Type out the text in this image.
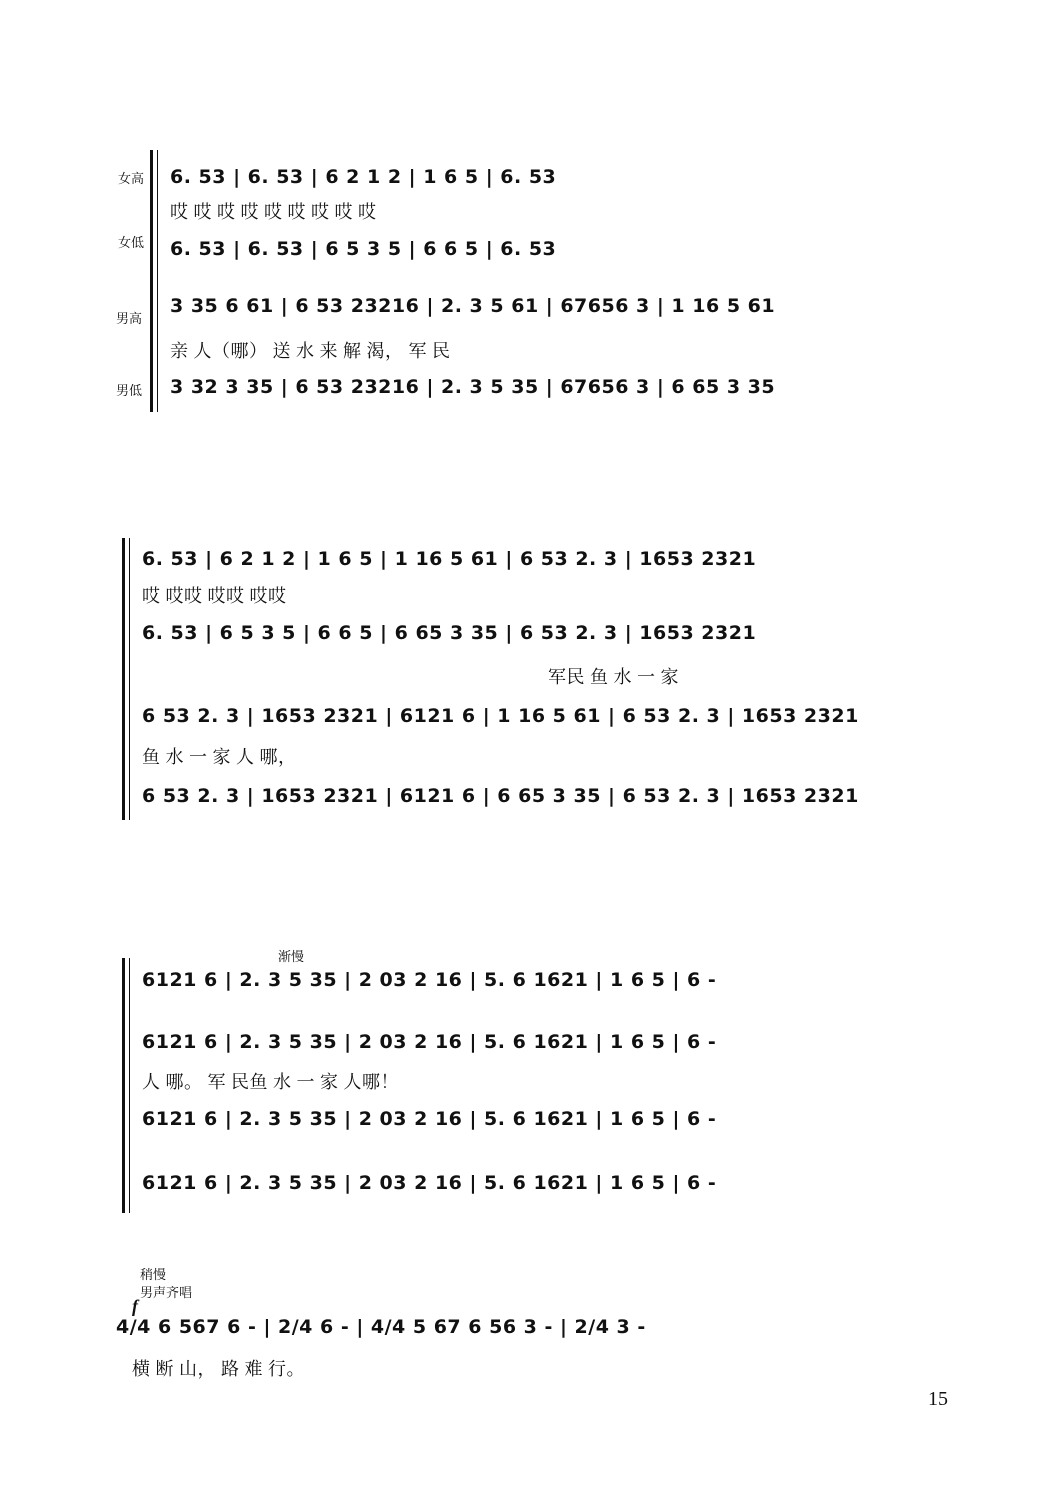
女高
女低
男高
男低
6. 53 | 6. 53 | 6 2 1 2 | 1 6 5 | 6. 53
哎 哎 哎 哎 哎 哎 哎 哎 哎
6. 53 | 6. 53 | 6 5 3 5 | 6 6 5 | 6. 53
3 35 6 61 | 6 53 23216 | 2. 3 5 61 | 67656 3 | 1 16 5 61
亲 人（哪） 送 水 来 解 渴， 军 民
3 32 3 35 | 6 53 23216 | 2. 3 5 35 | 67656 3 | 6 65 3 35
6. 53 | 6 2 1 2 | 1 6 5 | 1 16 5 61 | 6 53 2. 3 | 1653 2321
哎 哎哎 哎哎 哎哎
6. 53 | 6 5 3 5 | 6 6 5 | 6 65 3 35 | 6 53 2. 3 | 1653 2321
军民 鱼 水 一 家
6 53 2. 3 | 1653 2321 | 6121 6 | 1 16 5 61 | 6 53 2. 3 | 1653 2321
鱼 水 一 家 人 哪，
6 53 2. 3 | 1653 2321 | 6121 6 | 6 65 3 35 | 6 53 2. 3 | 1653 2321
渐慢
6121 6 | 2. 3 5 35 | 2 03 2 16 | 5. 6 1621 | 1 6 5 | 6 -
6121 6 | 2. 3 5 35 | 2 03 2 16 | 5. 6 1621 | 1 6 5 | 6 -
人 哪。 军 民鱼 水 一 家 人哪！
6121 6 | 2. 3 5 35 | 2 03 2 16 | 5. 6 1621 | 1 6 5 | 6 -
6121 6 | 2. 3 5 35 | 2 03 2 16 | 5. 6 1621 | 1 6 5 | 6 -
稍慢
男声齐唱
f
4/4 6 567 6 - | 2/4 6 - | 4/4 5 67 6 56 3 - | 2/4 3 -
横 断 山， 路 难 行。
15
